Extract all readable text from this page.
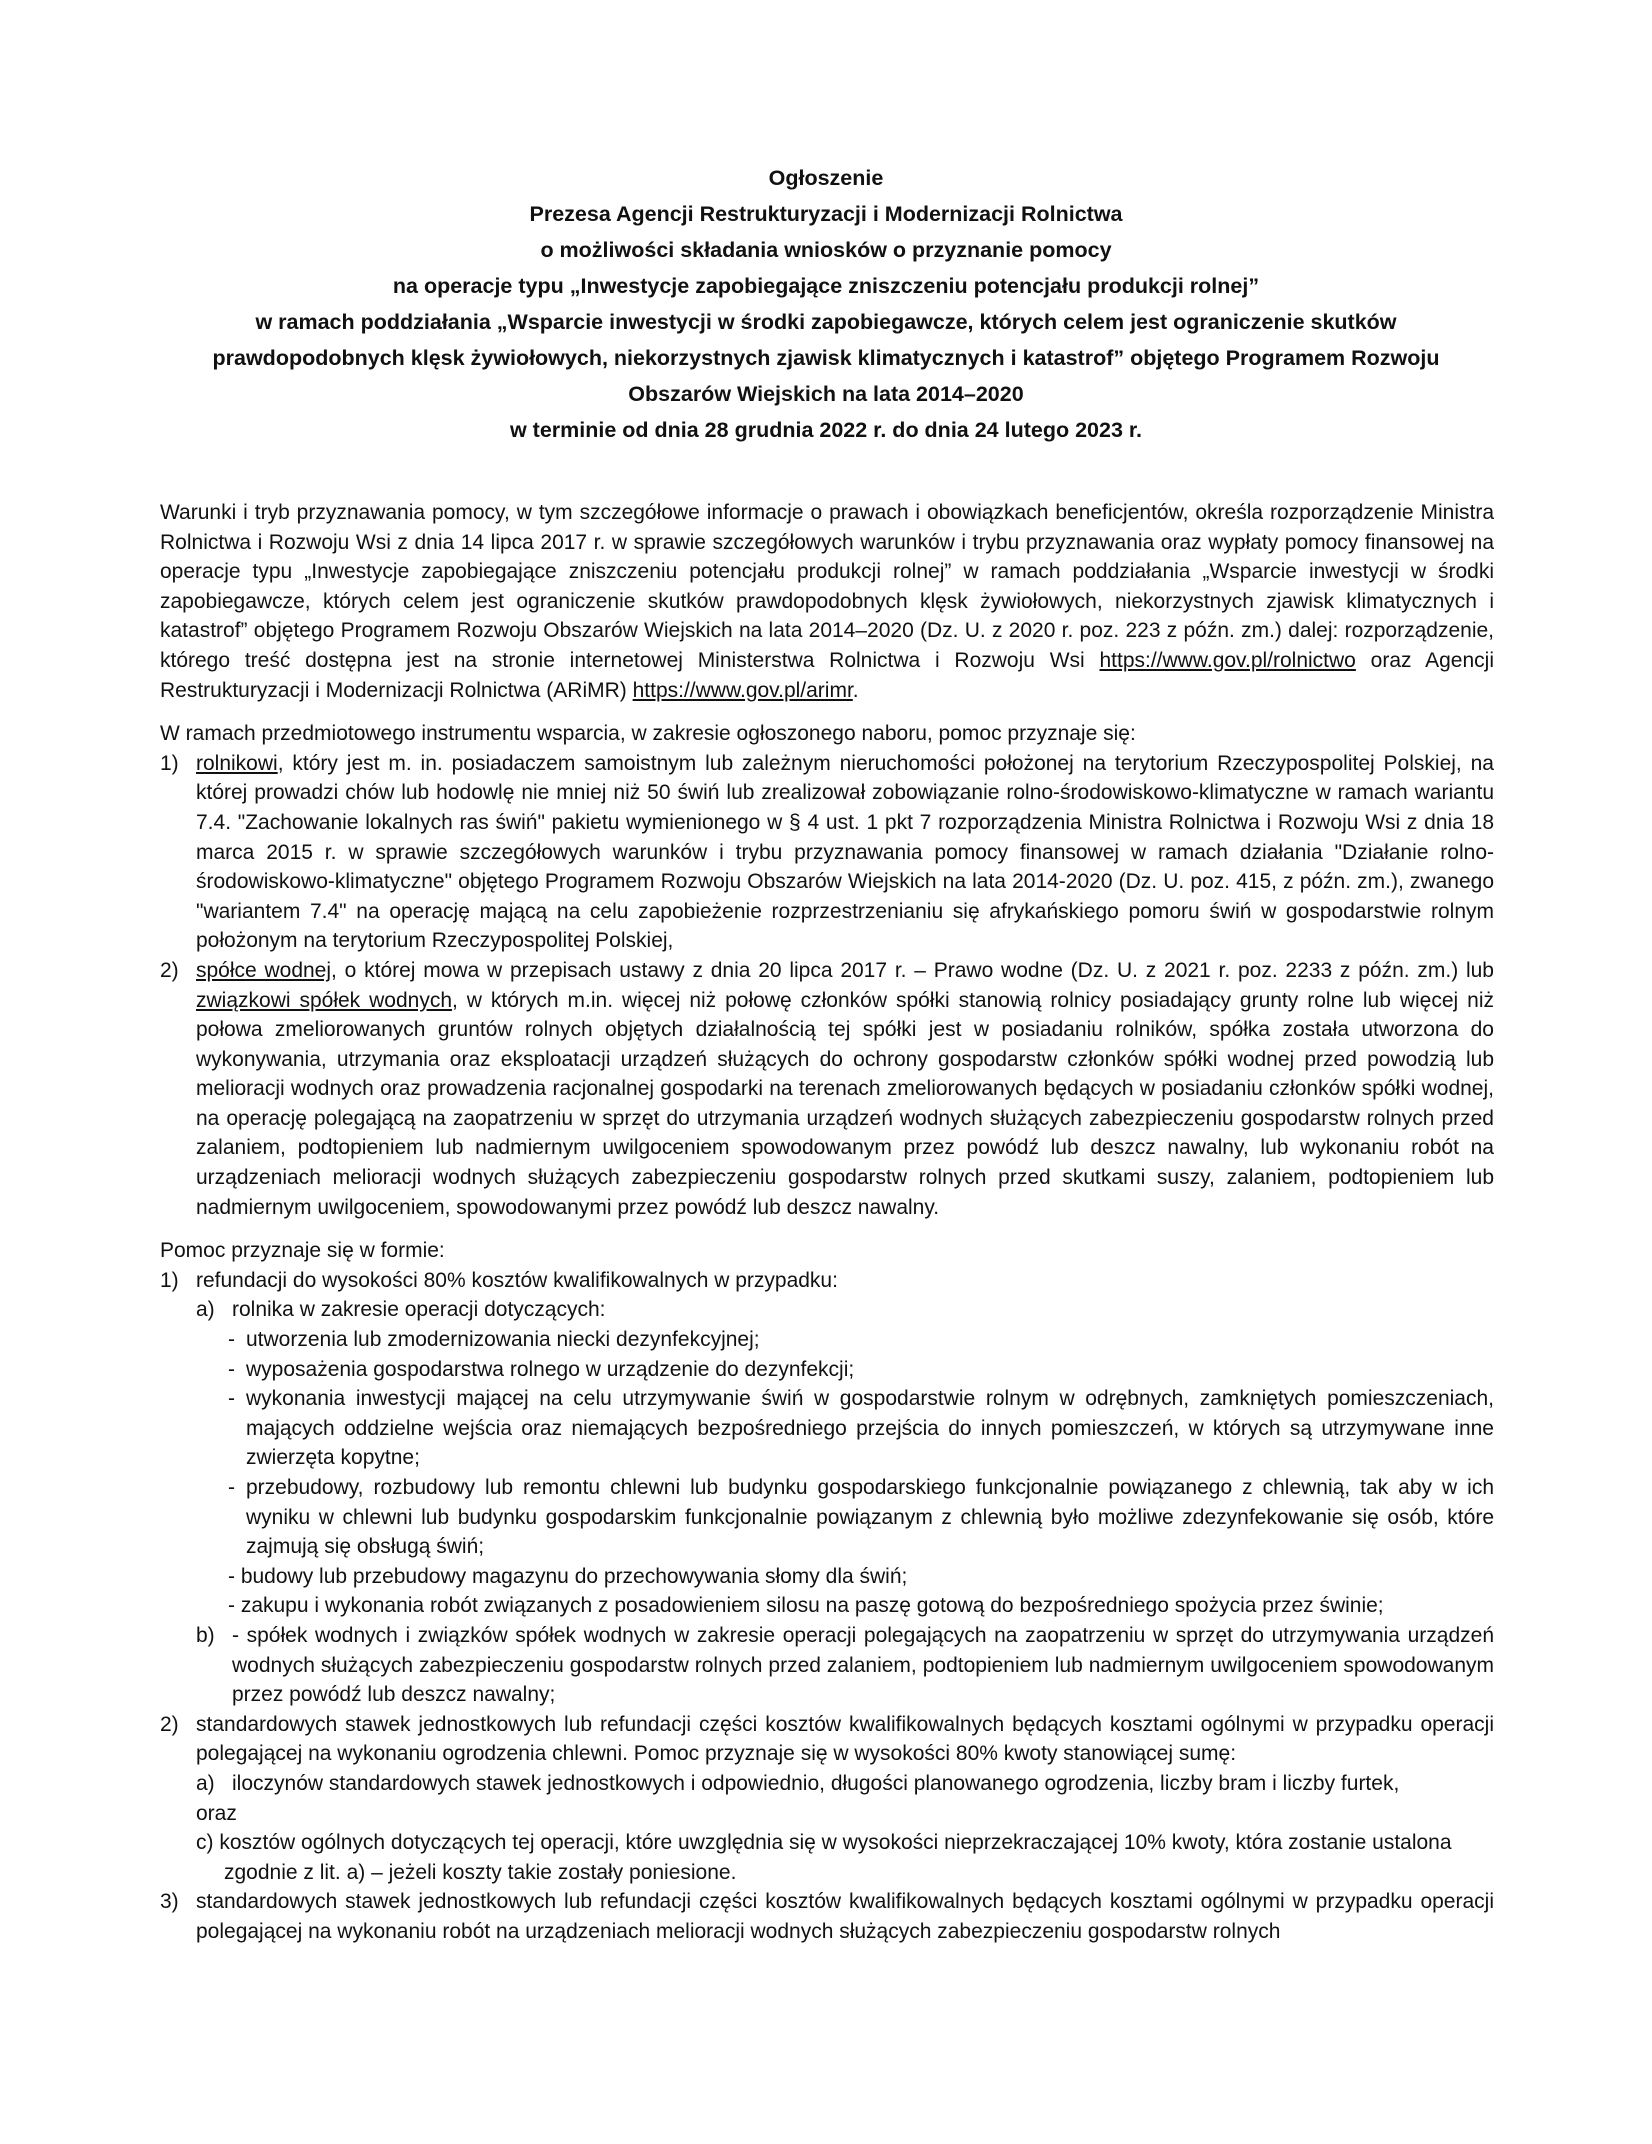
Ogłoszenie
Prezesa Agencji Restrukturyzacji i Modernizacji Rolnictwa
o możliwości składania wniosków o przyznanie pomocy
na operacje typu „Inwestycje zapobiegające zniszczeniu potencjału produkcji rolnej”
w ramach poddziałania „Wsparcie inwestycji w środki zapobiegawcze, których celem jest ograniczenie skutków
prawdopodobnych klęsk żywiołowych, niekorzystnych zjawisk klimatycznych i katastrof” objętego Programem Rozwoju
Obszarów Wiejskich na lata 2014–2020
w terminie od dnia 28 grudnia 2022 r. do dnia 24 lutego 2023 r.

Warunki i tryb przyznawania pomocy, w tym szczegółowe informacje o prawach i obowiązkach beneficjentów, określa rozporządzenie Ministra Rolnictwa i Rozwoju Wsi z dnia 14 lipca 2017 r. w sprawie szczegółowych warunków i trybu przyznawania oraz wypłaty pomocy finansowej na operacje typu „Inwestycje zapobiegające zniszczeniu potencjału produkcji rolnej” w ramach poddziałania „Wsparcie inwestycji w środki zapobiegawcze, których celem jest ograniczenie skutków prawdopodobnych klęsk żywiołowych, niekorzystnych zjawisk klimatycznych i katastrof” objętego Programem Rozwoju Obszarów Wiejskich na lata 2014–2020 (Dz. U. z 2020 r. poz. 223 z późn. zm.) dalej: rozporządzenie, którego treść dostępna jest na stronie internetowej Ministerstwa Rolnictwa i Rozwoju Wsi https://www.gov.pl/rolnictwo oraz Agencji Restrukturyzacji i Modernizacji Rolnictwa (ARiMR) https://www.gov.pl/arimr.

W ramach przedmiotowego instrumentu wsparcia, w zakresie ogłoszonego naboru, pomoc przyznaje się:

1) rolnikowi, który jest m. in. posiadaczem samoistnym lub zależnym nieruchomości położonej na terytorium Rzeczypospolitej Polskiej, na której prowadzi chów lub hodowlę nie mniej niż 50 świń lub zrealizował zobowiązanie rolno-środowiskowo-klimatyczne w ramach wariantu 7.4. "Zachowanie lokalnych ras świń" pakietu wymienionego w § 4 ust. 1 pkt 7 rozporządzenia Ministra Rolnictwa i Rozwoju Wsi z dnia 18 marca 2015 r. w sprawie szczegółowych warunków i trybu przyznawania pomocy finansowej w ramach działania "Działanie rolno-środowiskowo-klimatyczne" objętego Programem Rozwoju Obszarów Wiejskich na lata 2014-2020 (Dz. U. poz. 415, z późn. zm.), zwanego "wariantem 7.4" na operację mającą na celu zapobieżenie rozprzestrzenianiu się afrykańskiego pomoru świń w gospodarstwie rolnym położonym na terytorium Rzeczypospolitej Polskiej,
2) spółce wodnej, o której mowa w przepisach ustawy z dnia 20 lipca 2017 r. – Prawo wodne (Dz. U. z 2021 r. poz. 2233 z późn. zm.) lub związkowi spółek wodnych, w których m.in. więcej niż połowę członków spółki stanowią rolnicy posiadający grunty rolne lub więcej niż połowa zmeliorowanych gruntów rolnych objętych działalnością tej spółki jest w posiadaniu rolników, spółka została utworzona do wykonywania, utrzymania oraz eksploatacji urządzeń służących do ochrony gospodarstw członków spółki wodnej przed powodzią lub melioracji wodnych oraz prowadzenia racjonalnej gospodarki na terenach zmeliorowanych będących w posiadaniu członków spółki wodnej, na operację polegającą na zaopatrzeniu w sprzęt do utrzymania urządzeń wodnych służących zabezpieczeniu gospodarstw rolnych przed zalaniem, podtopieniem lub nadmiernym uwilgoceniem spowodowanym przez powódź lub deszcz nawalny, lub wykonaniu robót na urządzeniach melioracji wodnych służących zabezpieczeniu gospodarstw rolnych przed skutkami suszy, zalaniem, podtopieniem lub nadmiernym uwilgoceniem, spowodowanymi przez powódź lub deszcz nawalny.

Pomoc przyznaje się w formie:

1) refundacji do wysokości 80% kosztów kwalifikowalnych w przypadku:
a) rolnika w zakresie operacji dotyczących:
- utworzenia lub zmodernizowania niecki dezynfekcyjnej;
- wyposażenia gospodarstwa rolnego w urządzenie do dezynfekcji;
- wykonania inwestycji mającej na celu utrzymywanie świń w gospodarstwie rolnym w odrębnych, zamkniętych pomieszczeniach, mających oddzielne wejścia oraz niemających bezpośredniego przejścia do innych pomieszczeń, w których są utrzymywane inne zwierzęta kopytne;
- przebudowy, rozbudowy lub remontu chlewni lub budynku gospodarskiego funkcjonalnie powiązanego z chlewnią, tak aby w ich wyniku w chlewni lub budynku gospodarskim funkcjonalnie powiązanym z chlewnią było możliwe zdezynfekowanie się osób, które zajmują się obsługą świń;

- budowy lub przebudowy magazynu do przechowywania słomy dla świń;

- zakupu i wykonania robót związanych z posadowieniem silosu na paszę gotową do bezpośredniego spożycia przez świnie;

b) - spółek wodnych i związków spółek wodnych w zakresie operacji polegających na zaopatrzeniu w sprzęt do utrzymywania urządzeń wodnych służących zabezpieczeniu gospodarstw rolnych przed zalaniem, podtopieniem lub nadmiernym uwilgoceniem spowodowanym przez powódź lub deszcz nawalny;
2) standardowych stawek jednostkowych lub refundacji części kosztów kwalifikowalnych będących kosztami ogólnymi w przypadku operacji polegającej na wykonaniu ogrodzenia chlewni. Pomoc przyznaje się w wysokości 80% kwoty stanowiącej sumę:
a) iloczynów standardowych stawek jednostkowych i odpowiednio, długości planowanego ogrodzenia, liczby bram i liczby furtek,

oraz

c) kosztów ogólnych dotyczących tej operacji, które uwzględnia się w wysokości nieprzekraczającej 10% kwoty, która zostanie ustalona zgodnie z lit. a) – jeżeli koszty takie zostały poniesione.

3) standardowych stawek jednostkowych lub refundacji części kosztów kwalifikowalnych będących kosztami ogólnymi w przypadku operacji polegającej na wykonaniu robót na urządzeniach melioracji wodnych służących zabezpieczeniu gospodarstw rolnych
